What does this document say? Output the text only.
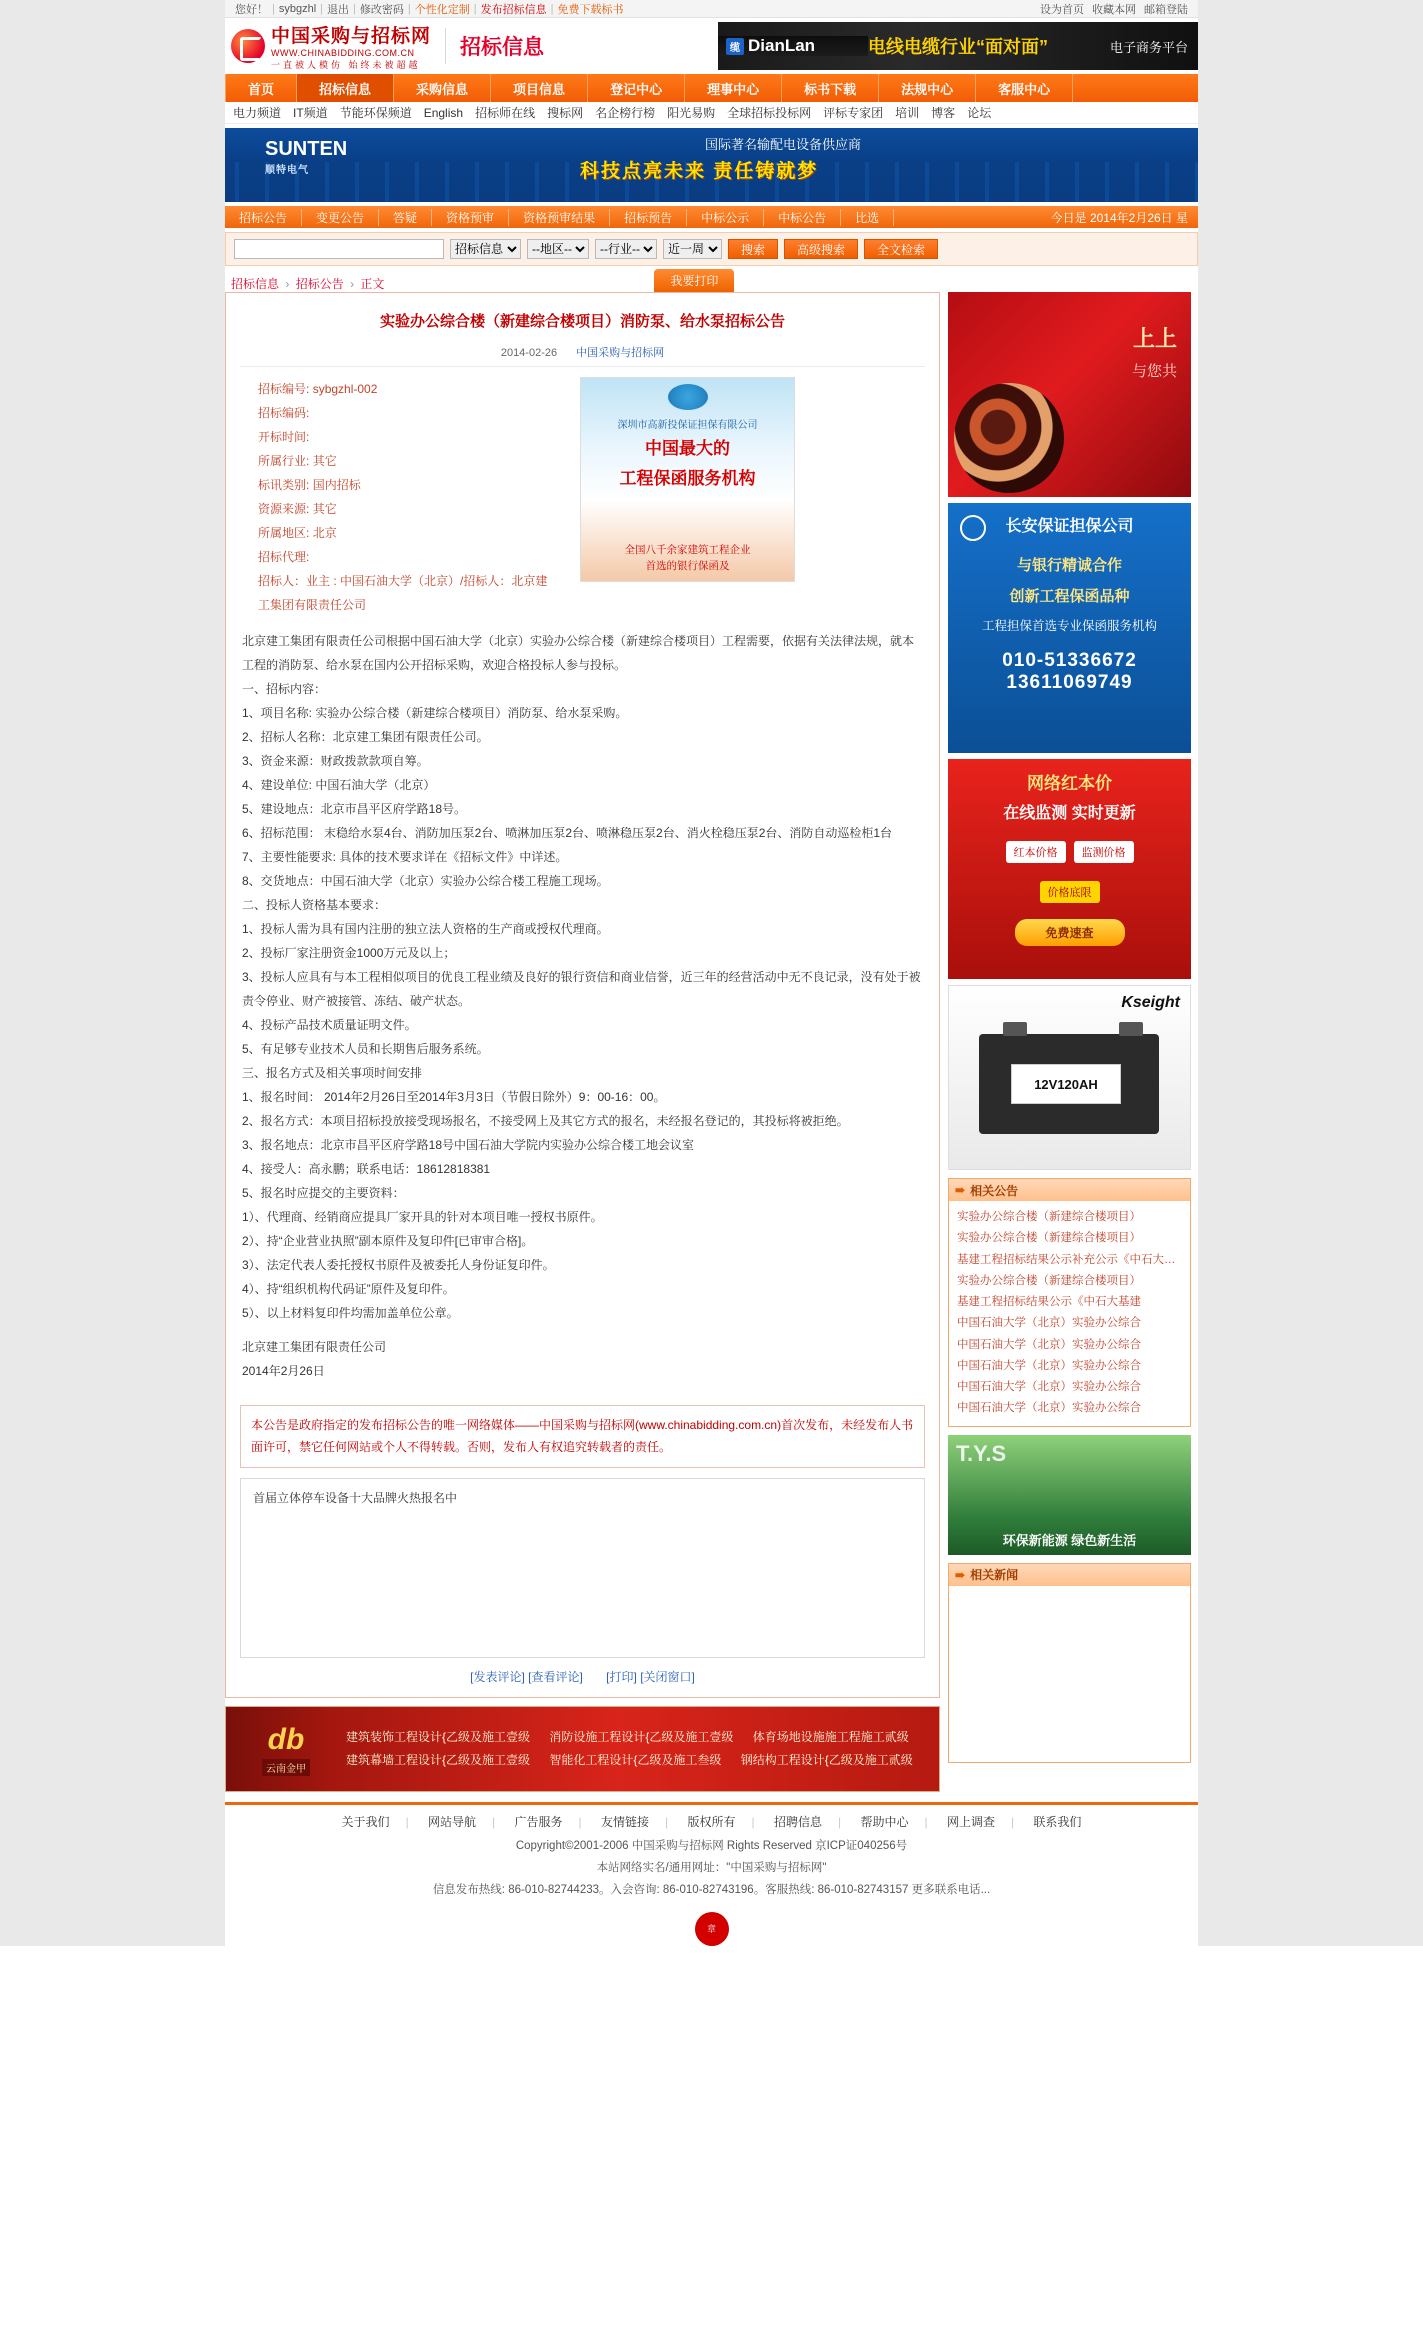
您好！ | sybgzhl | 退出 | 修改密码 | 个性化定制 | 发布招标信息 | 免费下载标书	设为首页 收藏本网 邮箱登陆
中国采购与招标网
WWW.CHINABIDDING.COM.CN
一直被人模仿 始终未被超越
招标信息	缆 DianLan	电线电缆行业“面对面”	电子商务平台
首页	招标信息	采购信息	项目信息	登记中心	理事中心	标书下载	法规中心	客服中心
电力频道 IT频道 节能环保频道 English 招标师在线 搜标网 名企榜行榜 阳光易购 全球招标投标网 评标专家团 培训 博客 论坛
SUNTEN
顺特电气
国际著名输配电设备供应商
科技点亮未来 责任铸就梦
招标公告	变更公告	答疑	资格预审	资格预审结果	招标预告	中标公示	中标公告	比选	今日是 2014年2月26日 星
招标信息
--地区--
--行业--
近一周
搜索	高级搜索	全文检索
招标信息 › 招标公告 › 正文	我要打印
实验办公综合楼（新建综合楼项目）消防泵、给水泵招标公告
2014-02-26 中国采购与招标网
招标编号: sybgzhl-002
招标编码:
开标时间:
所属行业: 其它
标讯类别: 国内招标
资源来源: 其它
所属地区: 北京
招标代理:
招标人：业主 : 中国石油大学（北京）/招标人：北京建
工集团有限责任公司
深圳市高新投保证担保有限公司
中国最大的
工程保函服务机构
全国八千余家建筑工程企业
首选的银行保函及

北京建工集团有限责任公司根据中国石油大学（北京）实验办公综合楼（新建综合楼项目）工程需要，依据有关法律法规，就本工程的消防泵、给水泵在国内公开招标采购，欢迎合格投标人参与投标。

一、招标内容：

1、项目名称: 实验办公综合楼（新建综合楼项目）消防泵、给水泵采购。

2、招标人名称：北京建工集团有限责任公司。

3、资金来源：财政拨款款项自筹。

4、建设单位: 中国石油大学（北京）

5、建设地点：北京市昌平区府学路18号。

6、招标范围： 末稳给水泵4台、消防加压泵2台、喷淋加压泵2台、喷淋稳压泵2台、消火栓稳压泵2台、消防自动巡检柜1台

7、主要性能要求: 具体的技术要求详在《招标文件》中详述。

8、交货地点：中国石油大学（北京）实验办公综合楼工程施工现场。

二、投标人资格基本要求：

1、投标人需为具有国内注册的独立法人资格的生产商或授权代理商。

2、投标厂家注册资金1000万元及以上；

3、投标人应具有与本工程相似项目的优良工程业绩及良好的银行资信和商业信誉，近三年的经营活动中无不良记录，没有处于被责令停业、财产被接管、冻结、破产状态。

4、投标产品技术质量证明文件。

5、有足够专业技术人员和长期售后服务系统。

三、报名方式及相关事项时间安排

1、报名时间： 2014年2月26日至2014年3月3日（节假日除外）9：00-16：00。

2、报名方式：本项目招标投放接受现场报名，不接受网上及其它方式的报名，未经报名登记的，其投标将被拒绝。

3、报名地点：北京市昌平区府学路18号中国石油大学院内实验办公综合楼工地会议室

4、接受人：高永鹏；联系电话：18612818381

5、报名时应提交的主要资料：

1）、代理商、经销商应提具厂家开具的针对本项目唯一授权书原件。

2）、持“企业营业执照”副本原件及复印件[已审审合格]。

3）、法定代表人委托授权书原件及被委托人身份证复印件。

4）、持“组织机构代码证”原件及复印件。

5）、以上材料复印件均需加盖单位公章。

北京建工集团有限责任公司

2014年2月26日

本公告是政府指定的发布招标公告的唯一网络媒体——中国采购与招标网(www.chinabidding.com.cn)首次发布，未经发布人书面许可，禁它任何网站或个人不得转载。否则，发布人有权追究转载者的责任。
首届立体停车设备十大品牌火热报名中
[发表评论] [查看评论] [打印] [关闭窗口]
db
云南金甲
建筑装饰工程设计{乙级及施工壹级 消防设施工程设计{乙级及施工壹级 体育场地设施施工程施工贰级
建筑幕墙工程设计{乙级及施工壹级 智能化工程设计{乙级及施工叁级 钢结构工程设计{乙级及施工贰级
上上
与您共
长安保证担保公司
与银行精诚合作
创新工程保函品种
工程担保首选专业保函服务机构
010-51336672
13611069749
网络红本价
在线监测 实时更新
红本价格	监测价格
价格底限
免费速查
Kseight
12V120AH
➠ 相关公告
实验办公综合楼（新建综合楼项目）
实验办公综合楼（新建综合楼项目）
基建工程招标结果公示补充公示《中石大…
实验办公综合楼（新建综合楼项目）
基建工程招标结果公示《中石大基建
中国石油大学（北京）实验办公综合
中国石油大学（北京）实验办公综合
中国石油大学（北京）实验办公综合
中国石油大学（北京）实验办公综合
中国石油大学（北京）实验办公综合
T.Y.S
环保新能源 绿色新生活
➠ 相关新闻
关于我们 | 网站导航 | 广告服务 | 友情链接 | 版权所有 | 招聘信息 | 帮助中心 | 网上调查 | 联系我们
Copyright©2001-2006 中国采购与招标网 Rights Reserved 京ICP证040256号
本站网络实名/通用网址："中国采购与招标网"
信息发布热线: 86-010-82744233。入会咨询: 86-010-82743196。客服热线: 86-010-82743157 更多联系电话...
章
